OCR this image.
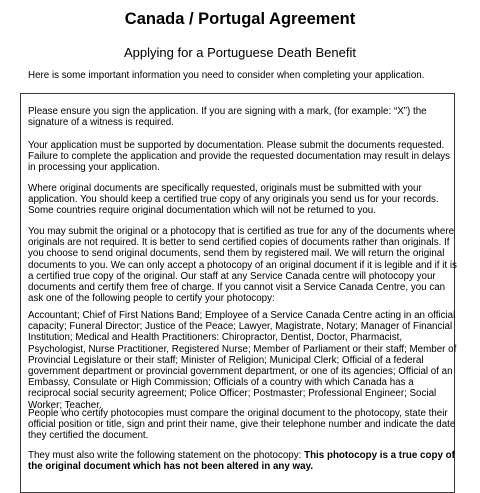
Canada / Portugal Agreement
Applying for a Portuguese Death Benefit
Here is some important information you need to consider when completing your application.

Please ensure you sign the application. If you are signing with a mark, (for example: “X”) the signature of a witness is required.

Your application must be supported by documentation. Please submit the documents requested. Failure to complete the application and provide the requested documentation may result in delays in processing your application.

Where original documents are specifically requested, originals must be submitted with your application. You should keep a certified true copy of any originals you send us for your records. Some countries require original documentation which will not be returned to you.

You may submit the original or a photocopy that is certified as true for any of the documents where originals are not required. It is better to send certified copies of documents rather than originals. If you choose to send original documents, send them by registered mail. We will return the original documents to you. We can only accept a photocopy of an original document if it is legible and if it is a certified true copy of the original. Our staff at any Service Canada centre will photocopy your documents and certify them free of charge. If you cannot visit a Service Canada Centre, you can ask one of the following people to certify your photocopy:

Accountant; Chief of First Nations Band; Employee of a Service Canada Centre acting in an official capacity; Funeral Director; Justice of the Peace; Lawyer, Magistrate, Notary; Manager of Financial Institution; Medical and Health Practitioners: Chiropractor, Dentist, Doctor, Pharmacist, Psychologist, Nurse Practitioner, Registered Nurse; Member of Parliament or their staff; Member of Provincial Legislature or their staff; Minister of Religion; Municipal Clerk; Official of a federal government department or provincial government department, or one of its agencies; Official of an Embassy, Consulate or High Commission; Officials of a country with which Canada has a reciprocal social security agreement; Police Officer; Postmaster; Professional Engineer; Social Worker; Teacher.

People who certify photocopies must compare the original document to the photocopy, state their official position or title, sign and print their name, give their telephone number and indicate the date they certified the document.

They must also write the following statement on the photocopy: This photocopy is a true copy of the original document which has not been altered in any way.
